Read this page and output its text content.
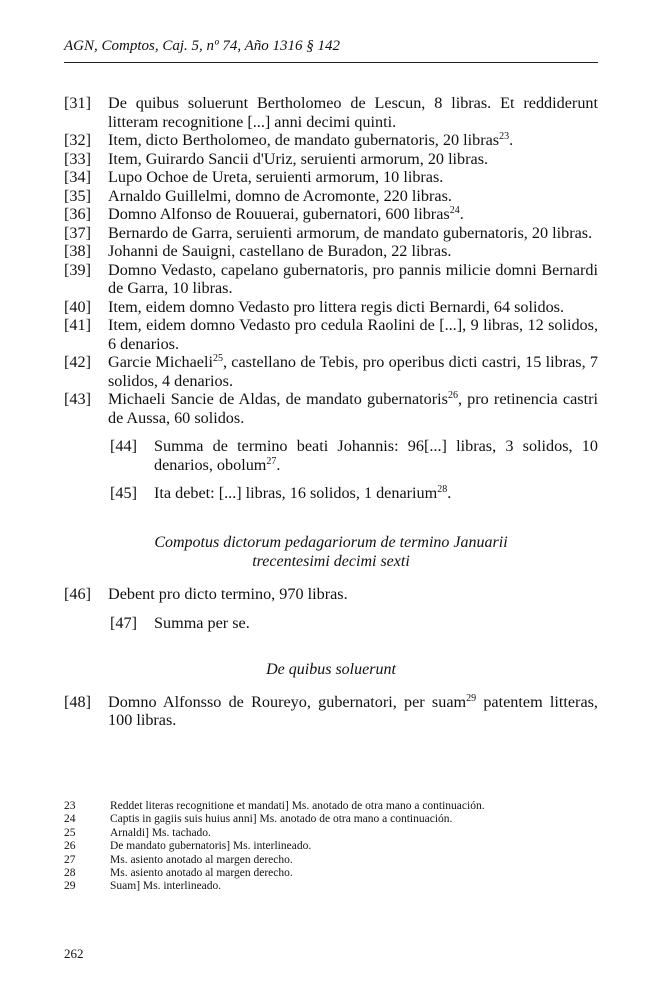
AGN, Comptos, Caj. 5, nº 74, Año 1316 § 142
[31] De quibus soluerunt Bertholomeo de Lescun, 8 libras. Et reddiderunt litteram recognitione [...] anni decimi quinti.
[32] Item, dicto Bertholomeo, de mandato gubernatoris, 20 libras$^{23}$.
[33] Item, Guirardo Sancii d'Uriz, seruienti armorum, 20 libras.
[34] Lupo Ochoe de Ureta, seruienti armorum, 10 libras.
[35] Arnaldo Guillelmi, domno de Acromonte, 220 libras.
[36] Domno Alfonso de Rouuerai, gubernatori, 600 libras$^{24}$.
[37] Bernardo de Garra, seruienti armorum, de mandato gubernatoris, 20 libras.
[38] Johanni de Sauigni, castellano de Buradon, 22 libras.
[39] Domno Vedasto, capelano gubernatoris, pro pannis milicie domni Bernardi de Garra, 10 libras.
[40] Item, eidem domno Vedasto pro littera regis dicti Bernardi, 64 solidos.
[41] Item, eidem domno Vedasto pro cedula Raolini de [...], 9 libras, 12 solidos, 6 denarios.
[42] Garcie Michaeli$^{25}$, castellano de Tebis, pro operibus dicti castri, 15 libras, 7 solidos, 4 denarios.
[43] Michaeli Sancie de Aldas, de mandato gubernatoris$^{26}$, pro retinencia castri de Aussa, 60 solidos.
[44] Summa de termino beati Johannis: 96[...] libras, 3 solidos, 10 denarios, obolum$^{27}$.
[45] Ita debet: [...] libras, 16 solidos, 1 denarium$^{28}$.
Compotus dictorum pedagariorum de termino Januarii
trecentesimi decimi sexti
[46] Debent pro dicto termino, 970 libras.
[47] Summa per se.
De quibus soluerunt
[48] Domno Alfonsso de Roureyo, gubernatori, per suam$^{29}$ patentem litteras, 100 libras.
23	Reddet literas recognitione et mandati] Ms. anotado de otra mano a continuación.
24	Captis in gagiis suis huius anni] Ms. anotado de otra mano a continuación.
25	Arnaldi] Ms. tachado.
26	De mandato gubernatoris] Ms. interlineado.
27	Ms. asiento anotado al margen derecho.
28	Ms. asiento anotado al margen derecho.
29	Suam] Ms. interlineado.
262
